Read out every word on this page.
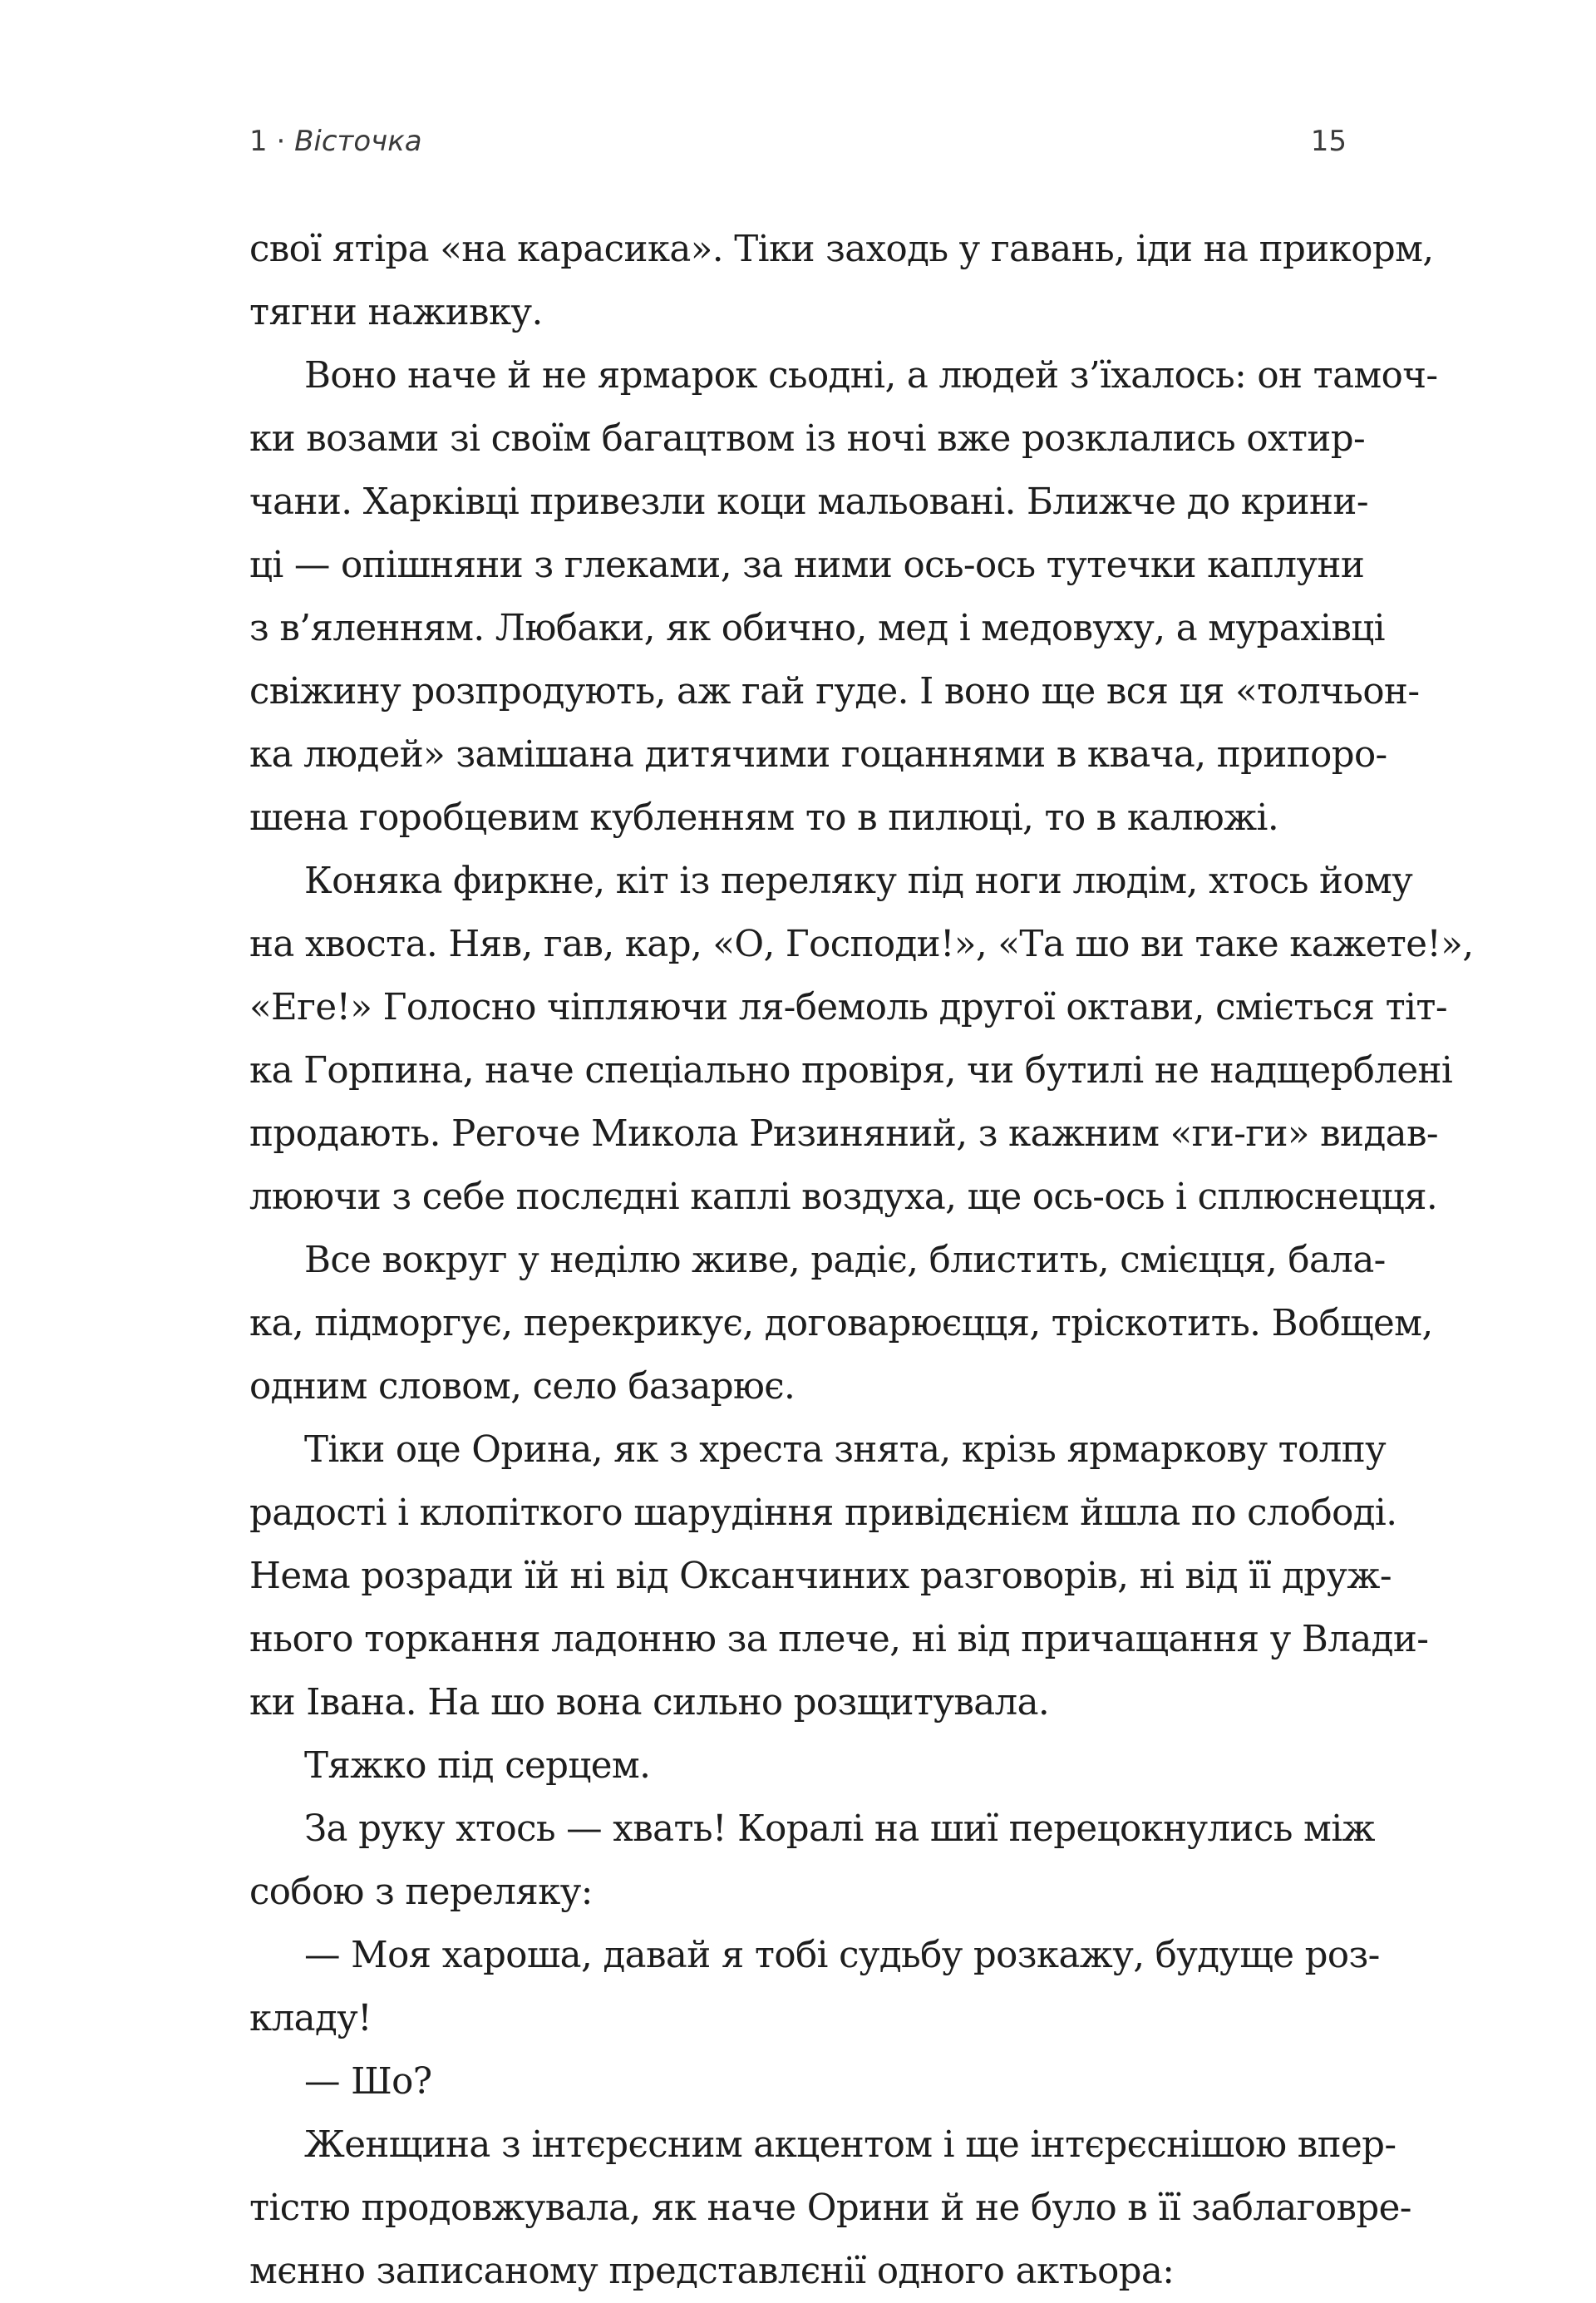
1 · Вісточка	15
свої ятіра «на карасика». Тіки заходь у гавань, іди на прикорм,
тягни наживку.
Воно наче й не ярмарок сьодні, а людей з’їхалось: он тамоч-
ки возами зі своїм багацтвом із ночі вже розклались охтир-
чани. Харківці привезли коци мальовані. Ближче до крини-
ці — опішняни з глеками, за ними ось-ось тутечки каплуни
з в’яленням. Любаки, як обично, мед і медовуху, а мурахівці
свіжину розпродують, аж гай гуде. І воно ще вся ця «толчьон-
ка людей» замішана дитячими гоцаннями в квача, припоро-
шена горобцевим кубленням то в пилюці, то в калюжі.
Коняка фиркне, кіт із переляку під ноги людім, хтось йому
на хвоста. Няв, гав, кар, «О, Господи!», «Та шо ви таке кажете!»,
«Еге!» Голосно чіпляючи ля-бемоль другої октави, сміється тіт-
ка Горпина, наче спеціально провіря, чи бутилі не надщерблені
продають. Регоче Микола Ризиняний, з кажним «ги-ги» видав-
люючи з себе послєдні каплі воздуха, ще ось-ось і сплюснецця.
Все вокруг у неділю живе, радіє, блистить, смієцця, бала-
ка, підморгує, перекрикує, договарюєцця, тріскотить. Вобщем,
одним словом, село базарює.
Тіки оце Орина, як з хреста знята, крізь ярмаркову толпу
радості і клопіткого шарудіння привідєнієм йшла по слободі.
Нема розради їй ні від Оксанчиних разговорів, ні від її друж-
нього торкання ладонню за плече, ні від причащання у Влади-
ки Івана. На шо вона сильно розщитувала.
Тяжко під серцем.
За руку хтось — хвать! Коралі на шиї перецокнулись між
собою з переляку:
— Моя хароша, давай я тобі судьбу розкажу, будуще роз-
кладу!
— Шо?
Женщина з інтєрєсним акцентом і ще інтєрєснішою впер-
тістю продовжувала, як наче Орини й не було в її заблаговре-
мєнно записаному представлєнії одного актьора:
